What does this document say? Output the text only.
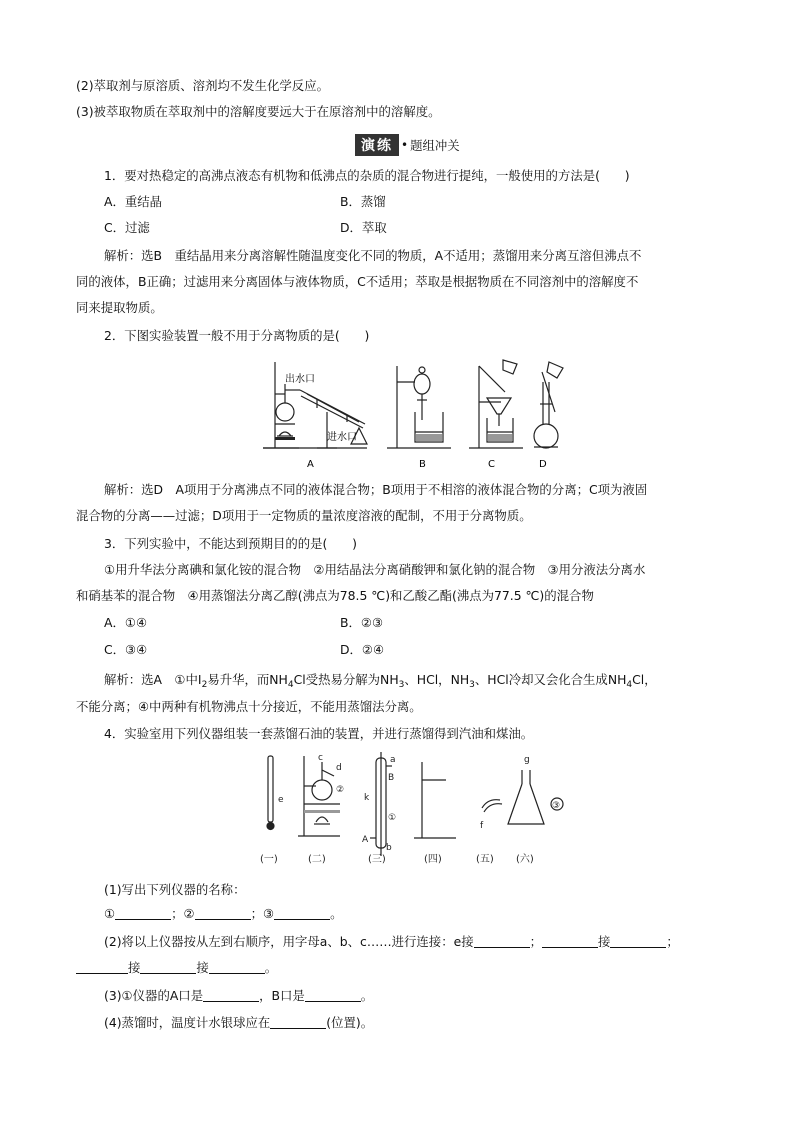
(2)萃取剂与原溶质、溶剂均不发生化学反应。
(3)被萃取物质在萃取剂中的溶解度要远大于在原溶剂中的溶解度。
演练 • 题组冲关
1．要对热稳定的高沸点液态有机物和低沸点的杂质的混合物进行提纯，一般使用的方法是(　　)
A．重结晶	B．蒸馏
C．过滤	D．萃取
解析：选B　重结晶用来分离溶解性随温度变化不同的物质，A不适用；蒸馏用来分离互溶但沸点不
同的液体，B正确；过滤用来分离固体与液体物质，C不适用；萃取是根据物质在不同溶剂中的溶解度不
同来提取物质。
2．下图实验装置一般不用于分离物质的是(　　)
出水口
进水口
A	B	C	D
解析：选D　A项用于分离沸点不同的液体混合物；B项用于不相溶的液体混合物的分离；C项为液固
混合物的分离——过滤；D项用于一定物质的量浓度溶液的配制，不用于分离物质。
3．下列实验中，不能达到预期目的的是(　　)
①用升华法分离碘和氯化铵的混合物　②用结晶法分离硝酸钾和氯化钠的混合物　③用分液法分离水
和硝基苯的混合物　④用蒸馏法分离乙醇(沸点为78.5 ℃)和乙酸乙酯(沸点为77.5 ℃)的混合物
A．①④	B．②③
C．③④	D．②④
解析：选A　①中$I_2$易升华，而$NH_4Cl$受热易分解为$NH_3$、HCl，$NH_3$、HCl冷却又会化合生成$NH_4Cl$，
不能分离；④中两种有机物沸点十分接近，不能用蒸馏法分离。
4．实验室用下列仪器组装一套蒸馏石油的装置，并进行蒸馏得到汽油和煤油。
e
c
d
②
a
B
k
①
A
b
f
g
③
(一)	(二)	(三)	(四)	(五) (六)
(1)写出下列仪器的名称：
①	；②	；③	。
(2)将以上仪器按从左到右顺序，用字母a、b、c……进行连接：e接	；	接	；
接	接	。
(3)①仪器的A口是	，B口是	。
(4)蒸馏时，温度计水银球应在	(位置)。
